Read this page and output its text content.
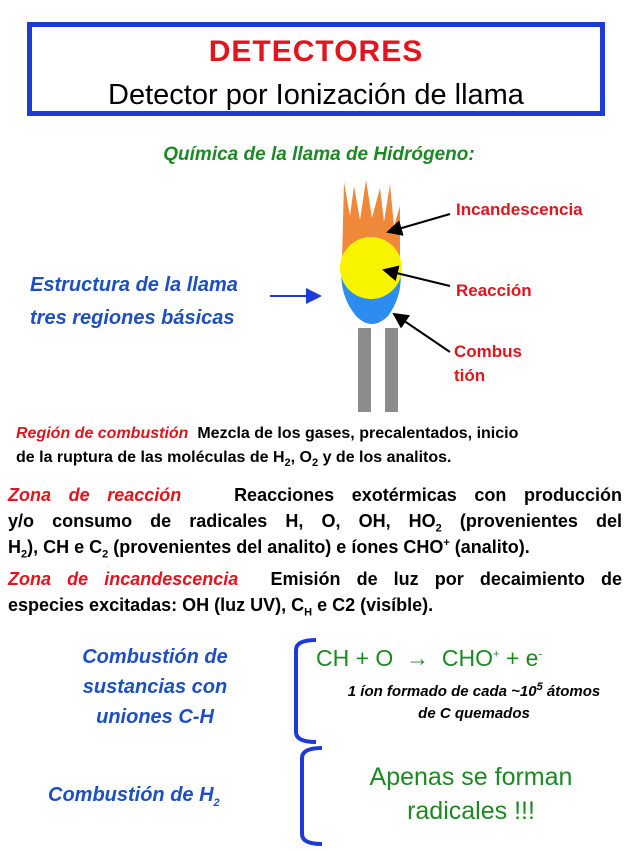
DETECTORES
Detector por Ionización de llama
Química de la llama de Hidrógeno:
Estructura de la llama
tres regiones básicas
Incandescencia
Reacción
Combus
tión
Región de combustión Mezcla de los gases, precalentados, inicio
de la ruptura de las moléculas de $H_2$, $O_2$ y de los analitos.
Zona de reacción	Reacciones exotérmicas con producción
y/o consumo de radicales H, O, OH, $HO_2$ (provenientes del
$H_2$), CH e $C_2$ (provenientes del analito) e íones CHO+ (analito).
Zona de incandescencia Emisión de luz por decaimiento de
especies excitadas: OH (luz UV), $C_H$ e C2 (visíble).
Combustión de
sustancias con
uniones C-H
CH + O → CHO+ + e-
1 íon formado de cada $\sim 10^5$ átomos
de C quemados
Combustión de $H_2$
Apenas se forman
radicales !!!
